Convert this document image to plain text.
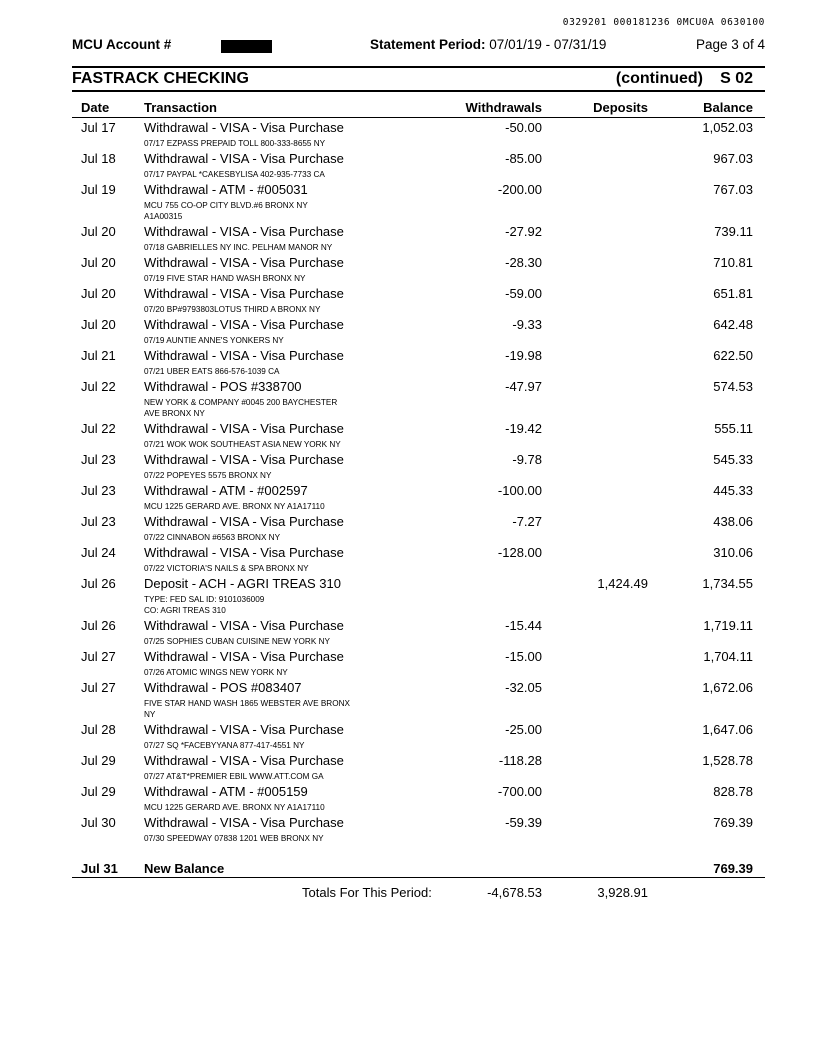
0329201 000181236 0MCU0A 0630100
MCU Account #	Statement Period: 07/01/19 - 07/31/19	Page 3 of 4
FASTRACK CHECKING	(continued) S 02
Date	Transaction	Withdrawals	Deposits	Balance
Jul 17 Withdrawal - VISA - Visa Purchase
07/17 EZPASS PREPAID TOLL 800-333-8655 NY
-50.00	1,052.03
Jul 18 Withdrawal - VISA - Visa Purchase
07/17 PAYPAL *CAKESBYLISA 402-935-7733 CA
-85.00	967.03
Jul 19 Withdrawal - ATM - #005031
MCU 755 CO-OP CITY BLVD.#6 BRONX NY
A1A00315
-200.00	767.03
Jul 20 Withdrawal - VISA - Visa Purchase
07/18 GABRIELLES NY INC. PELHAM MANOR NY
-27.92	739.11
Jul 20 Withdrawal - VISA - Visa Purchase
07/19 FIVE STAR HAND WASH BRONX NY
-28.30	710.81
Jul 20 Withdrawal - VISA - Visa Purchase
07/20 BP#9793803LOTUS THIRD A BRONX NY
-59.00	651.81
Jul 20 Withdrawal - VISA - Visa Purchase
07/19 AUNTIE ANNE'S YONKERS NY
-9.33	642.48
Jul 21 Withdrawal - VISA - Visa Purchase
07/21 UBER EATS 866-576-1039 CA
-19.98	622.50
Jul 22 Withdrawal - POS #338700
NEW YORK & COMPANY #0045 200 BAYCHESTER
AVE BRONX NY
-47.97	574.53
Jul 22 Withdrawal - VISA - Visa Purchase
07/21 WOK WOK SOUTHEAST ASIA NEW YORK NY
-19.42	555.11
Jul 23 Withdrawal - VISA - Visa Purchase
07/22 POPEYES 5575 BRONX NY
-9.78	545.33
Jul 23 Withdrawal - ATM - #002597
MCU 1225 GERARD AVE. BRONX NY A1A17110
-100.00	445.33
Jul 23 Withdrawal - VISA - Visa Purchase
07/22 CINNABON #6563 BRONX NY
-7.27	438.06
Jul 24 Withdrawal - VISA - Visa Purchase
07/22 VICTORIA'S NAILS & SPA BRONX NY
-128.00	310.06
Jul 26 Deposit - ACH - AGRI TREAS 310
TYPE: FED SAL ID: 9101036009
CO: AGRI TREAS 310
1,424.49	1,734.55
Jul 26 Withdrawal - VISA - Visa Purchase
07/25 SOPHIES CUBAN CUISINE NEW YORK NY
-15.44	1,719.11
Jul 27 Withdrawal - VISA - Visa Purchase
07/26 ATOMIC WINGS NEW YORK NY
-15.00	1,704.11
Jul 27 Withdrawal - POS #083407
FIVE STAR HAND WASH 1865 WEBSTER AVE BRONX
NY
-32.05	1,672.06
Jul 28 Withdrawal - VISA - Visa Purchase
07/27 SQ *FACEBYYANA 877-417-4551 NY
-25.00	1,647.06
Jul 29 Withdrawal - VISA - Visa Purchase
07/27 AT&T*PREMIER EBIL WWW.ATT.COM GA
-118.28	1,528.78
Jul 29 Withdrawal - ATM - #005159
MCU 1225 GERARD AVE. BRONX NY A1A17110
-700.00	828.78
Jul 30 Withdrawal - VISA - Visa Purchase
07/30 SPEEDWAY 07838 1201 WEB BRONX NY
-59.39	769.39
Jul 31 New Balance	769.39
Totals For This Period:	-4,678.53	3,928.91
